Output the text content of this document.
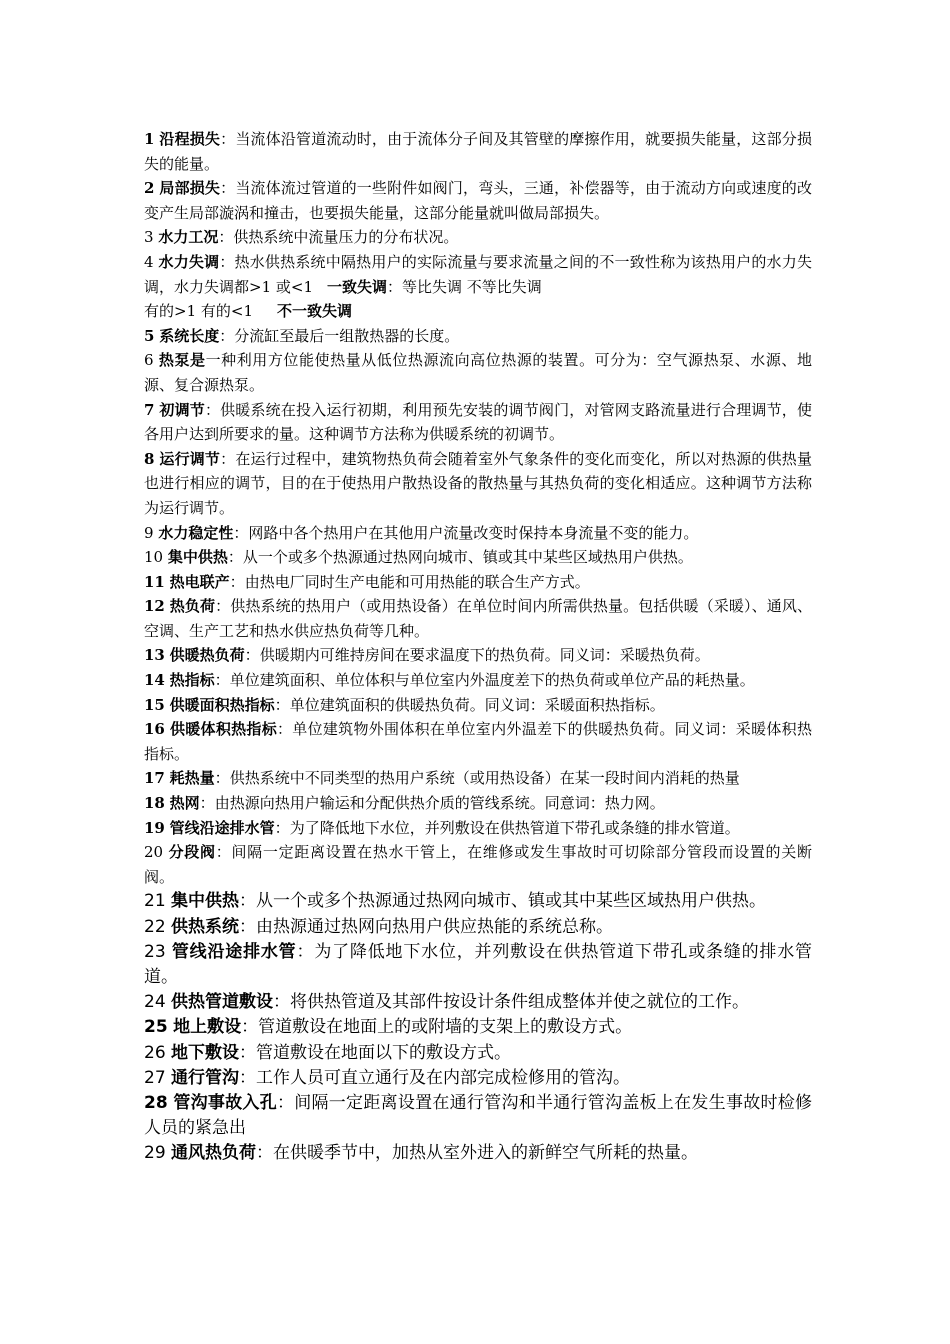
1 沿程损失：当流体沿管道流动时，由于流体分子间及其管壁的摩擦作用，就要损失能量，这部分损失的能量。

2 局部损失：当流体流过管道的一些附件如阀门，弯头，三通，补偿器等，由于流动方向或速度的改变产生局部漩涡和撞击，也要损失能量，这部分能量就叫做局部损失。

3 水力工况：供热系统中流量压力的分布状况。

4 水力失调：热水供热系统中隔热用户的实际流量与要求流量之间的不一致性称为该热用户的水力失调，水力失调都>1 或<1 一致失调：等比失调 不等比失调
有的>1 有的<1 不一致失调

5 系统长度：分流缸至最后一组散热器的长度。

6 热泵是一种利用方位能使热量从低位热源流向高位热源的装置。可分为：空气源热泵、水源、地源、复合源热泵。

7 初调节：供暖系统在投入运行初期，利用预先安装的调节阀门，对管网支路流量进行合理调节，使各用户达到所要求的量。这种调节方法称为供暖系统的初调节。

8 运行调节：在运行过程中，建筑物热负荷会随着室外气象条件的变化而变化，所以对热源的供热量也进行相应的调节，目的在于使热用户散热设备的散热量与其热负荷的变化相适应。这种调节方法称为运行调节。

9 水力稳定性：网路中各个热用户在其他用户流量改变时保持本身流量不变的能力。

10 集中供热：从一个或多个热源通过热网向城市、镇或其中某些区域热用户供热。

11 热电联产：由热电厂同时生产电能和可用热能的联合生产方式。

12 热负荷：供热系统的热用户（或用热设备）在单位时间内所需供热量。包括供暖（采暖）、通风、空调、生产工艺和热水供应热负荷等几种。

13 供暖热负荷：供暖期内可维持房间在要求温度下的热负荷。同义词：采暖热负荷。

14 热指标：单位建筑面积、单位体积与单位室内外温度差下的热负荷或单位产品的耗热量。

15 供暖面积热指标：单位建筑面积的供暖热负荷。同义词：采暖面积热指标。

16 供暖体积热指标：单位建筑物外围体积在单位室内外温差下的供暖热负荷。同义词：采暖体积热指标。

17 耗热量：供热系统中不同类型的热用户系统（或用热设备）在某一段时间内消耗的热量

18 热网：由热源向热用户输运和分配供热介质的管线系统。同意词：热力网。

19 管线沿途排水管：为了降低地下水位，并列敷设在供热管道下带孔或条缝的排水管道。

20 分段阀：间隔一定距离设置在热水干管上，在维修或发生事故时可切除部分管段而设置的关断阀。

21 集中供热：从一个或多个热源通过热网向城市、镇或其中某些区域热用户供热。

22 供热系统：由热源通过热网向热用户供应热能的系统总称。

23 管线沿途排水管：为了降低地下水位，并列敷设在供热管道下带孔或条缝的排水管道。

24 供热管道敷设：将供热管道及其部件按设计条件组成整体并使之就位的工作。

25 地上敷设：管道敷设在地面上的或附墙的支架上的敷设方式。

26 地下敷设：管道敷设在地面以下的敷设方式。

27 通行管沟：工作人员可直立通行及在内部完成检修用的管沟。

28 管沟事故入孔：间隔一定距离设置在通行管沟和半通行管沟盖板上在发生事故时检修人员的紧急出

29 通风热负荷：在供暖季节中，加热从室外进入的新鲜空气所耗的热量。
